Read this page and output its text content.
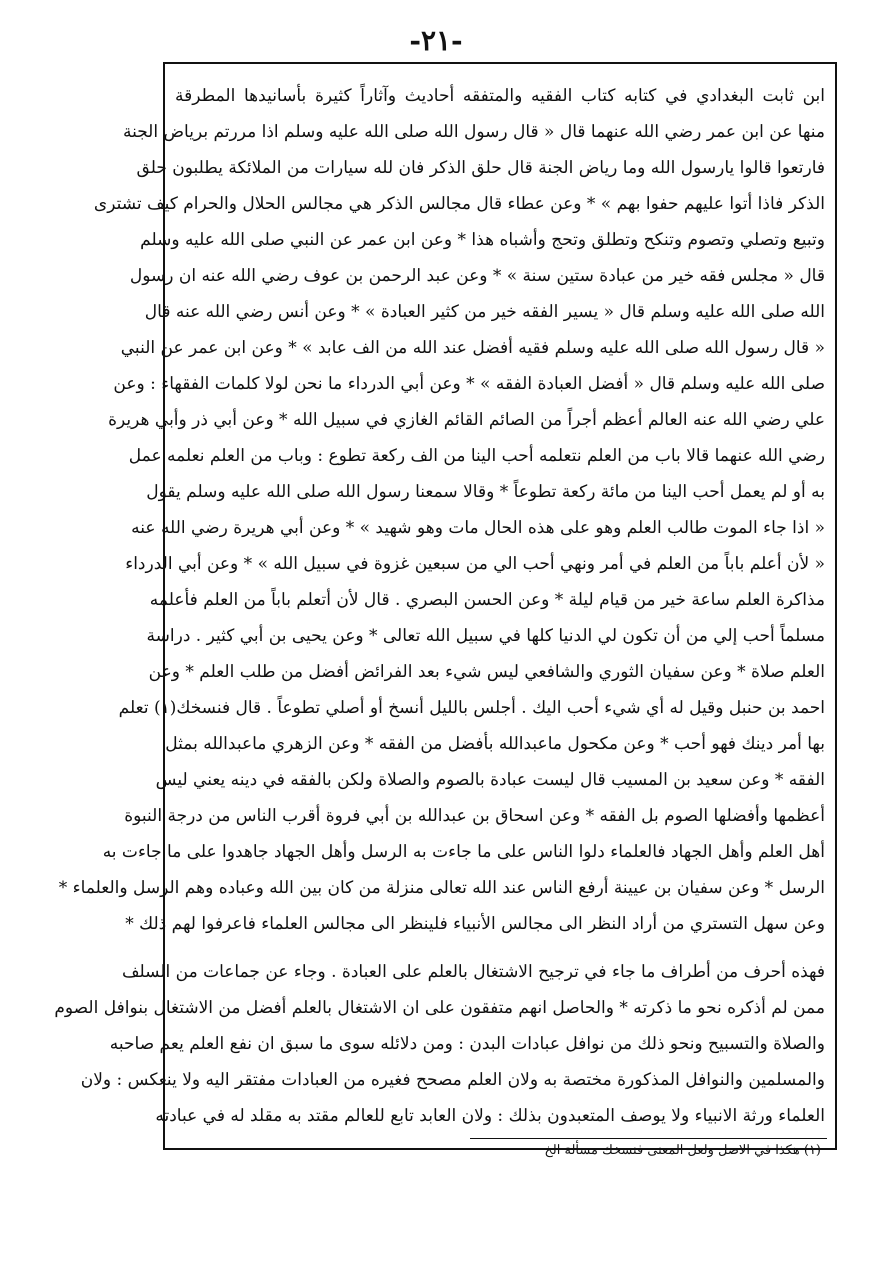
-٢١-
ابن ثابت البغدادي في كتابه كتاب الفقيه والمتفقه أحاديث وآثاراً كثيرة بأسانيدها المطرقة
منها عن ابن عمر رضي الله عنهما قال « قال رسول الله صلى الله عليه وسلم اذا مررتم برياض الجنة
فارتعوا قالوا يارسول الله وما رياض الجنة قال حلق الذكر فان لله سيارات من الملائكة يطلبون حلق
الذكر فاذا أتوا عليهم حفوا بهم » * وعن عطاء قال مجالس الذكر هي مجالس الحلال والحرام كيف تشترى
وتبيع وتصلي وتصوم وتنكح وتطلق وتحج وأشباه هذا * وعن ابن عمر عن النبي صلى الله عليه وسلم
قال « مجلس فقه خير من عبادة ستين سنة » * وعن عبد الرحمن بن عوف رضي الله عنه ان رسول
الله صلى الله عليه وسلم قال « يسير الفقه خير من كثير العبادة » * وعن أنس رضي الله عنه قال
« قال رسول الله صلى الله عليه وسلم فقيه أفضل عند الله من الف عابد » * وعن ابن عمر عن النبي
صلى الله عليه وسلم قال « أفضل العبادة الفقه » * وعن أبي الدرداء ما نحن لولا كلمات الفقهاء : وعن
علي رضي الله عنه العالم أعظم أجراً من الصائم القائم الغازي في سبيل الله * وعن أبي ذر وأبي هريرة
رضي الله عنهما قالا باب من العلم نتعلمه أحب الينا من الف ركعة تطوع : وباب من العلم نعلمه عمل
به أو لم يعمل أحب الينا من مائة ركعة تطوعاً * وقالا سمعنا رسول الله صلى الله عليه وسلم يقول
« اذا جاء الموت طالب العلم وهو على هذه الحال مات وهو شهيد » * وعن أبي هريرة رضي الله عنه
« لأن أعلم باباً من العلم في أمر ونهي أحب الي من سبعين غزوة في سبيل الله » * وعن أبي الدرداء
مذاكرة العلم ساعة خير من قيام ليلة * وعن الحسن البصري . قال لأن أتعلم باباً من العلم فأعلمه
مسلماً أحب إلي من أن تكون لي الدنيا كلها في سبيل الله تعالى * وعن يحيى بن أبي كثير . دراسة
العلم صلاة * وعن سفيان الثوري والشافعي ليس شيء بعد الفرائض أفضل من طلب العلم * وعن
احمد بن حنبل وقيل له أي شيء أحب اليك . أجلس بالليل أنسخ أو أصلي تطوعاً . قال فنسخك(١) تعلم
بها أمر دينك فهو أحب * وعن مكحول ماعبدالله بأفضل من الفقه * وعن الزهري ماعبدالله بمثل
الفقه * وعن سعيد بن المسيب قال ليست عبادة بالصوم والصلاة ولكن بالفقه في دينه يعني ليس
أعظمها وأفضلها الصوم بل الفقه * وعن اسحاق بن عبدالله بن أبي فروة أقرب الناس من درجة النبوة
أهل العلم وأهل الجهاد فالعلماء دلوا الناس على ما جاءت به الرسل وأهل الجهاد جاهدوا على ما جاءت به
الرسل * وعن سفيان بن عيينة أرفع الناس عند الله تعالى منزلة من كان بين الله وعباده وهم الرسل والعلماء *
وعن سهل التستري من أراد النظر الى مجالس الأنبياء فلينظر الى مجالس العلماء فاعرفوا لهم ذلك *
فهذه أحرف من أطراف ما جاء في ترجيح الاشتغال بالعلم على العبادة . وجاء عن جماعات من السلف
ممن لم أذكره نحو ما ذكرته * والحاصل انهم متفقون على ان الاشتغال بالعلم أفضل من الاشتغال بنوافل الصوم
والصلاة والتسبيح ونحو ذلك من نوافل عبادات البدن : ومن دلائله سوى ما سبق ان نفع العلم يعم صاحبه
والمسلمين والنوافل المذكورة مختصة به ولان العلم مصحح فغيره من العبادات مفتقر اليه ولا ينعكس : ولان
العلماء ورثة الانبياء ولا يوصف المتعبدون بذلك : ولان العابد تابع للعالم مقتد به مقلد له في عبادته
(١) هكذا في الاصل ولعل المعنى فنسخك مسألة الخ
